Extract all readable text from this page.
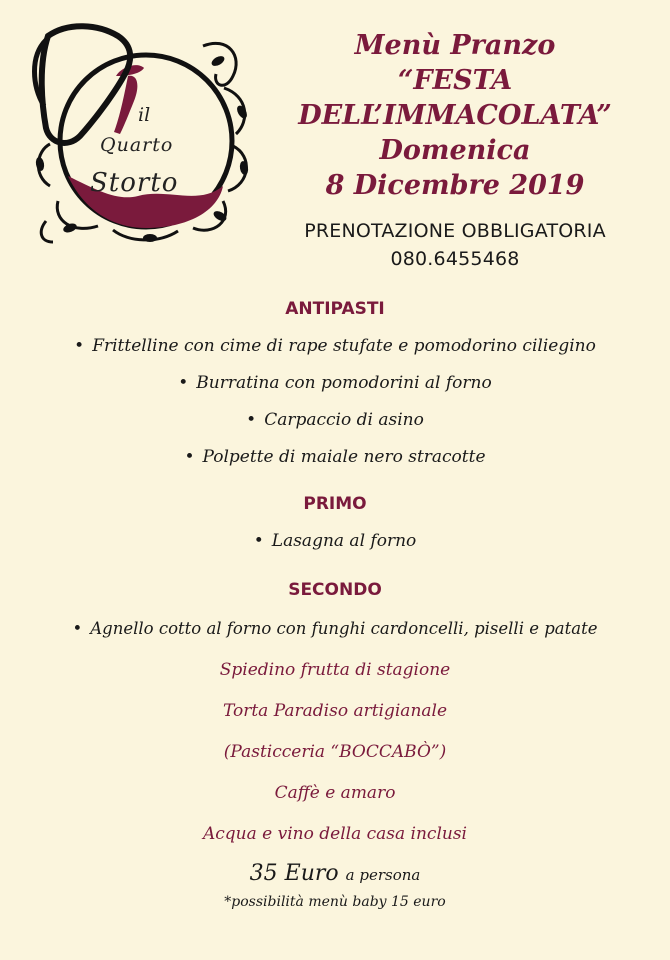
il
Quarto
Storto
Menù Pranzo
“FESTA
DELL’IMMACOLATA”
Domenica
8 Dicembre 2019
PRENOTAZIONE OBBLIGATORIA
080.6455468
ANTIPASTI
• Frittelline con cime di rape stufate e pomodorino ciliegino
• Burratina con pomodorini al forno
• Carpaccio di asino
• Polpette di maiale nero stracotte
PRIMO
• Lasagna al forno
SECONDO
• Agnello cotto al forno con funghi cardoncelli, piselli e patate
Spiedino frutta di stagione
Torta Paradiso artigianale
(Pasticceria “BOCCABÒ”)
Caffè e amaro
Acqua e vino della casa inclusi
35 Euro a persona
*possibilità menù baby 15 euro
